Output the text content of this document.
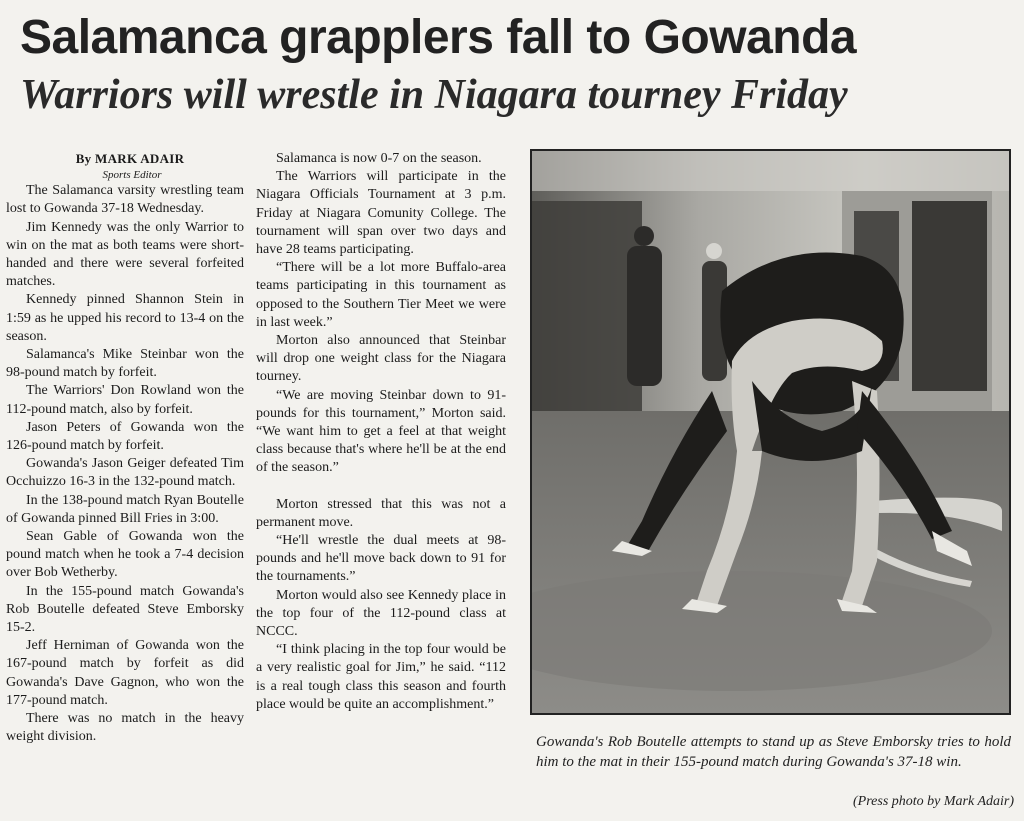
Salamanca grapplers fall to Gowanda
Warriors will wrestle in Niagara tourney Friday
By MARK ADAIR
Sports Editor

The Salamanca varsity wrestling team lost to Gowanda 37-18 Wednesday.

Jim Kennedy was the only Warrior to win on the mat as both teams were short-handed and there were several forfeited matches.

Kennedy pinned Shannon Stein in 1:59 as he upped his record to 13-4 on the season.

Salamanca's Mike Steinbar won the 98-pound match by forfeit.

The Warriors' Don Rowland won the 112-pound match, also by forfeit.

Jason Peters of Gowanda won the 126-pound match by forfeit.

Gowanda's Jason Geiger defeated Tim Occhuizzo 16-3 in the 132-pound match.

In the 138-pound match Ryan Boutelle of Gowanda pinned Bill Fries in 3:00.

Sean Gable of Gowanda won the pound match when he took a 7-4 decision over Bob Wetherby.

In the 155-pound match Gowanda's Rob Boutelle defeated Steve Emborsky 15-2.

Jeff Herniman of Gowanda won the 167-pound match by forfeit as did Gowanda's Dave Gagnon, who won the 177-pound match.

There was no match in the heavy weight division.

Salamanca is now 0-7 on the season.

The Warriors will participate in the Niagara Officials Tournament at 3 p.m. Friday at Niagara Comunity College. The tournament will span over two days and have 28 teams participating.

“There will be a lot more Buffalo-area teams participating in this tournament as opposed to the Southern Tier Meet we were in last week.”

Morton also announced that Steinbar will drop one weight class for the Niagara tourney.

“We are moving Steinbar down to 91-pounds for this tournament,” Morton said. “We want him to get a feel at that weight class because that's where he'll be at the end of the season.”

Morton stressed that this was not a permanent move.

“He'll wrestle the dual meets at 98-pounds and he'll move back down to 91 for the tournaments.”

Morton would also see Kennedy place in the top four of the 112-pound class at NCCC.

“I think placing in the top four would be a very realistic goal for Jim,” he said. “112 is a real tough class this season and fourth place would be quite an accomplishment.”

Gowanda's Rob Boutelle attempts to stand up as Steve Emborsky tries to hold him to the mat in their 155-pound match during Gowanda's 37-18 win.
(Press photo by Mark Adair)
